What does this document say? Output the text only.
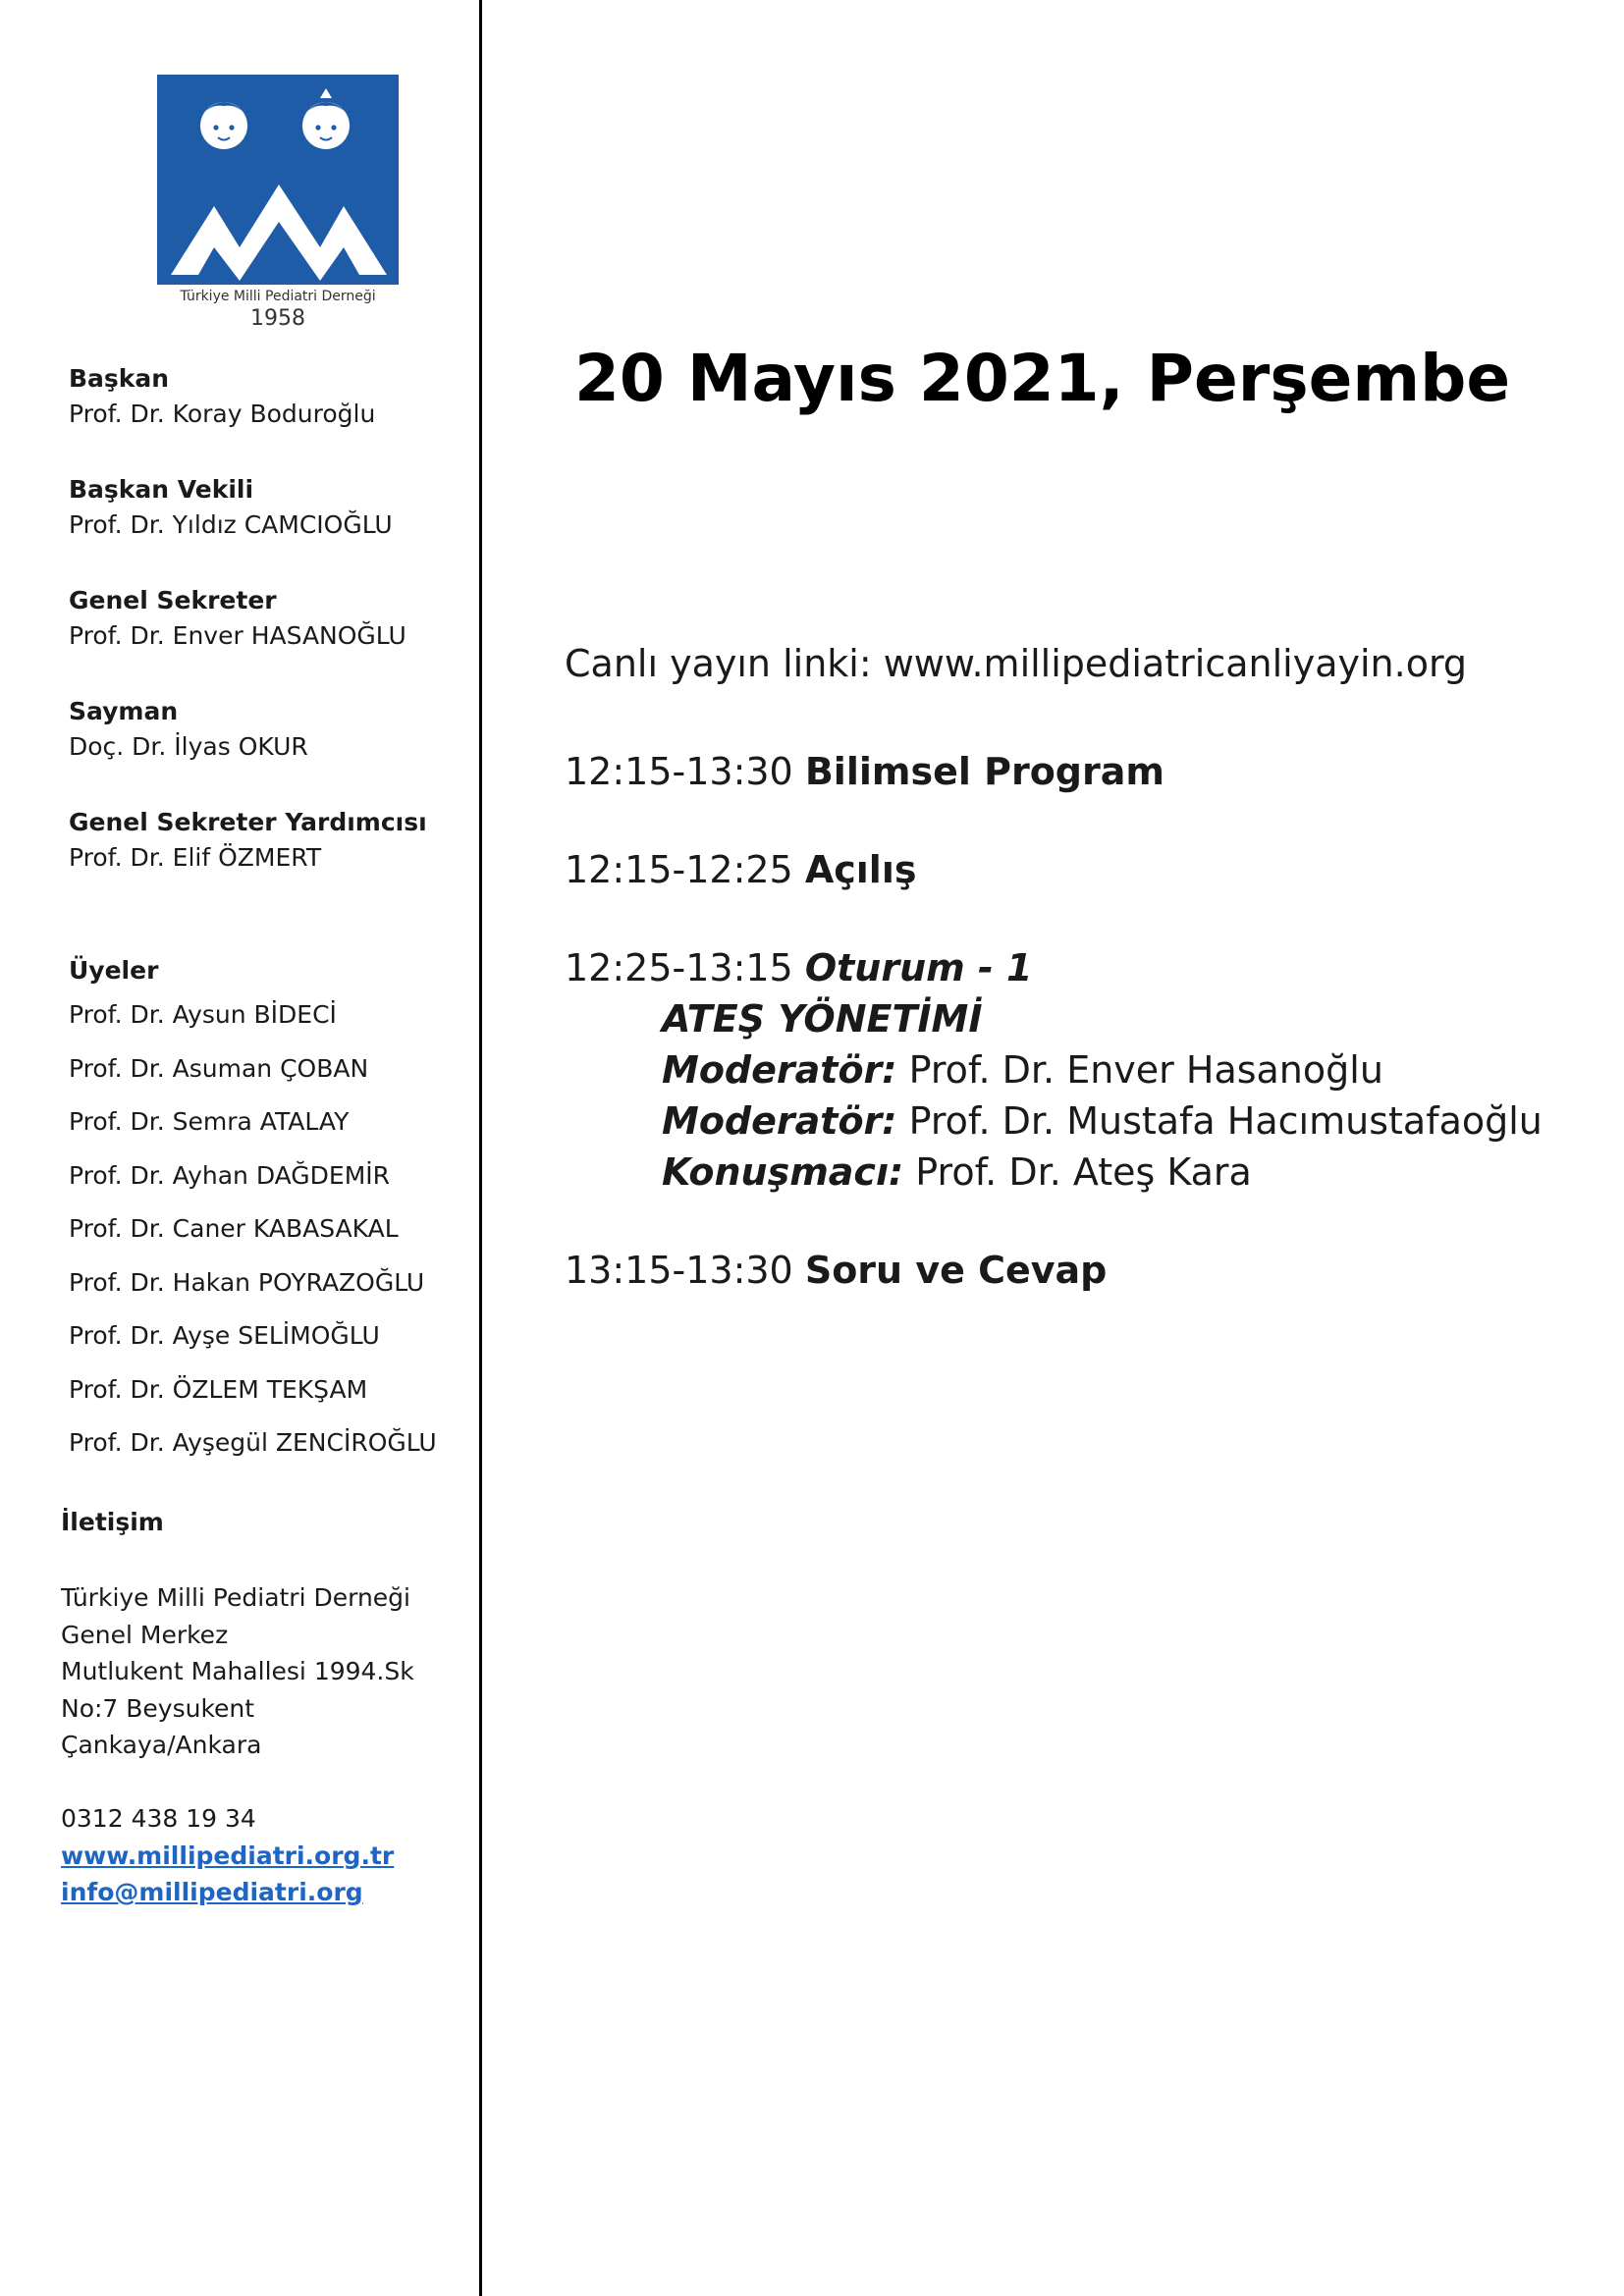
Türkiye Milli Pediatri Derneği
1958
Başkan
Prof. Dr. Koray Boduroğlu
Başkan Vekili
Prof. Dr. Yıldız CAMCIOĞLU
Genel Sekreter
Prof. Dr. Enver HASANOĞLU
Sayman
Doç. Dr. İlyas OKUR
Genel Sekreter Yardımcısı
Prof. Dr. Elif ÖZMERT
Üyeler
Prof. Dr. Aysun BİDECİ
Prof. Dr. Asuman ÇOBAN
Prof. Dr. Semra ATALAY
Prof. Dr. Ayhan DAĞDEMİR
Prof. Dr. Caner KABASAKAL
Prof. Dr. Hakan POYRAZOĞLU
Prof. Dr. Ayşe SELİMOĞLU
Prof. Dr. ÖZLEM TEKŞAM
Prof. Dr. Ayşegül ZENCİROĞLU
İletişim
Türkiye Milli Pediatri Derneği
Genel Merkez
Mutlukent Mahallesi 1994.Sk
No:7 Beysukent
Çankaya/Ankara
0312 438 19 34
www.millipediatri.org.tr
info@millipediatri.org
20 Mayıs 2021, Perşembe
Canlı yayın linki: www.millipediatricanliyayin.org
12:15-13:30 Bilimsel Program
12:15-12:25 Açılış
12:25-13:15 Oturum - 1
ATEŞ YÖNETİMİ
Moderatör: Prof. Dr. Enver Hasanoğlu
Moderatör: Prof. Dr. Mustafa Hacımustafaoğlu
Konuşmacı: Prof. Dr. Ateş Kara
13:15-13:30 Soru ve Cevap
